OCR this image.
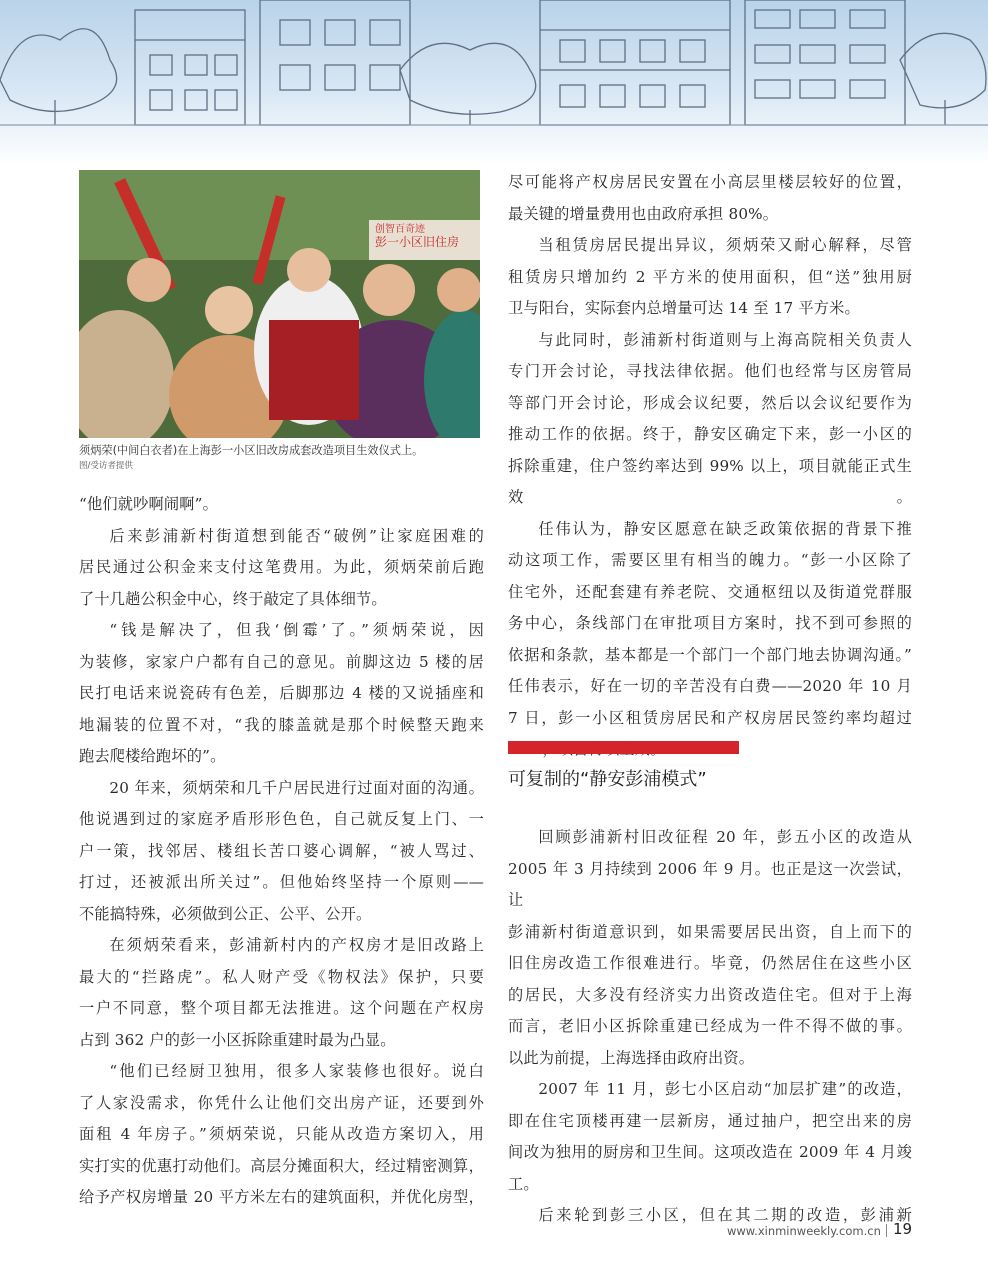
彭一小区旧住房
创智百奇迹
须炳荣(中间白衣者)在上海彭一小区旧改房成套改造项目生效仪式上。
图/受访者提供

“他们就吵啊闹啊”。

后来彭浦新村街道想到能否“破例”让家庭困难的

居民通过公积金来支付这笔费用。为此，须炳荣前后跑

了十几趟公积金中心，终于敲定了具体细节。

“钱是解决了，但我‘倒霉’了。”须炳荣说，因

为装修，家家户户都有自己的意见。前脚这边 5 楼的居

民打电话来说瓷砖有色差，后脚那边 4 楼的又说插座和

地漏装的位置不对，“我的膝盖就是那个时候整天跑来

跑去爬楼给跑坏的”。

20 年来，须炳荣和几千户居民进行过面对面的沟通。

他说遇到过的家庭矛盾形形色色，自己就反复上门、一

户一策，找邻居、楼组长苦口婆心调解，“被人骂过、

打过，还被派出所关过”。但他始终坚持一个原则——

不能搞特殊，必须做到公正、公平、公开。

在须炳荣看来，彭浦新村内的产权房才是旧改路上

最大的“拦路虎”。私人财产受《物权法》保护，只要

一户不同意，整个项目都无法推进。这个问题在产权房

占到 362 户的彭一小区拆除重建时最为凸显。

“他们已经厨卫独用，很多人家装修也很好。说白

了人家没需求，你凭什么让他们交出房产证，还要到外

面租 4 年房子。”须炳荣说，只能从改造方案切入，用

实打实的优惠打动他们。高层分摊面积大，经过精密测算，

给予产权房增量 20 平方米左右的建筑面积，并优化房型，

尽可能将产权房居民安置在小高层里楼层较好的位置，

最关键的增量费用也由政府承担 80%。

当租赁房居民提出异议，须炳荣又耐心解释，尽管

租赁房只增加约 2 平方米的使用面积，但“送”独用厨

卫与阳台，实际套内总增量可达 14 至 17 平方米。

与此同时，彭浦新村街道则与上海高院相关负责人

专门开会讨论，寻找法律依据。他们也经常与区房管局

等部门开会讨论，形成会议纪要，然后以会议纪要作为

推动工作的依据。终于，静安区确定下来，彭一小区的

拆除重建，住户签约率达到 99% 以上，项目就能正式生效。

任伟认为，静安区愿意在缺乏政策依据的背景下推

动这项工作，需要区里有相当的魄力。“彭一小区除了

住宅外，还配套建有养老院、交通枢纽以及街道党群服

务中心，条线部门在审批项目方案时，找不到可参照的

依据和条款，基本都是一个部门一个部门地去协调沟通。”

任伟表示，好在一切的辛苦没有白费——2020 年 10 月

7 日，彭一小区租赁房居民和产权房居民签约率均超过

可复制的“静安彭浦模式”

回顾彭浦新村旧改征程 20 年，彭五小区的改造从

2005 年 3 月持续到 2006 年 9 月。也正是这一次尝试，让

彭浦新村街道意识到，如果需要居民出资，自上而下的

旧住房改造工作很难进行。毕竟，仍然居住在这些小区

的居民，大多没有经济实力出资改造住宅。但对于上海

而言，老旧小区拆除重建已经成为一件不得不做的事。

以此为前提，上海选择由政府出资。

2007 年 11 月，彭七小区启动“加层扩建”的改造，

即在住宅顶楼再建一层新房，通过抽户，把空出来的房

间改为独用的厨房和卫生间。这项改造在 2009 年 4 月竣

工。

后来轮到彭三小区，但在其二期的改造，彭浦新

www.xinminweekly.com.cn 19
